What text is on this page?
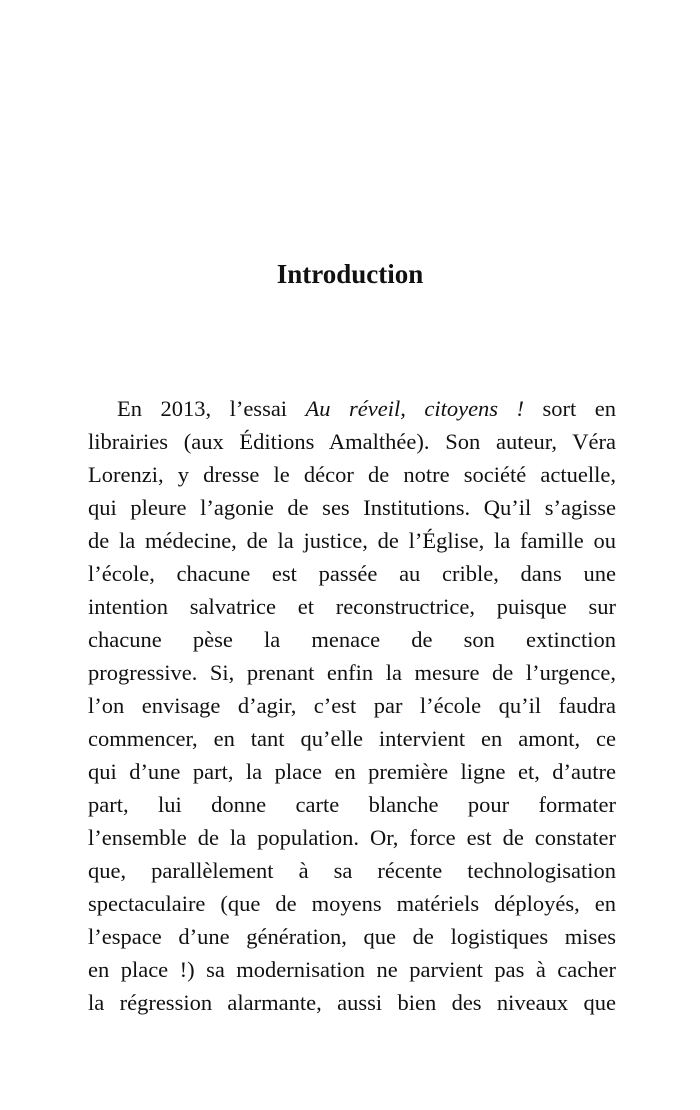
Introduction
En 2013, l’essai Au réveil, citoyens ! sort en
librairies (aux Éditions Amalthée). Son auteur, Véra
Lorenzi, y dresse le décor de notre société actuelle,
qui pleure l’agonie de ses Institutions. Qu’il s’agisse
de la médecine, de la justice, de l’Église, la famille ou
l’école, chacune est passée au crible, dans une
intention salvatrice et reconstructrice, puisque sur
chacune pèse la menace de son extinction
progressive. Si, prenant enfin la mesure de l’urgence,
l’on envisage d’agir, c’est par l’école qu’il faudra
commencer, en tant qu’elle intervient en amont, ce
qui d’une part, la place en première ligne et, d’autre
part, lui donne carte blanche pour formater
l’ensemble de la population. Or, force est de constater
que, parallèlement à sa récente technologisation
spectaculaire (que de moyens matériels déployés, en
l’espace d’une génération, que de logistiques mises
en place !) sa modernisation ne parvient pas à cacher
la régression alarmante, aussi bien des niveaux que
